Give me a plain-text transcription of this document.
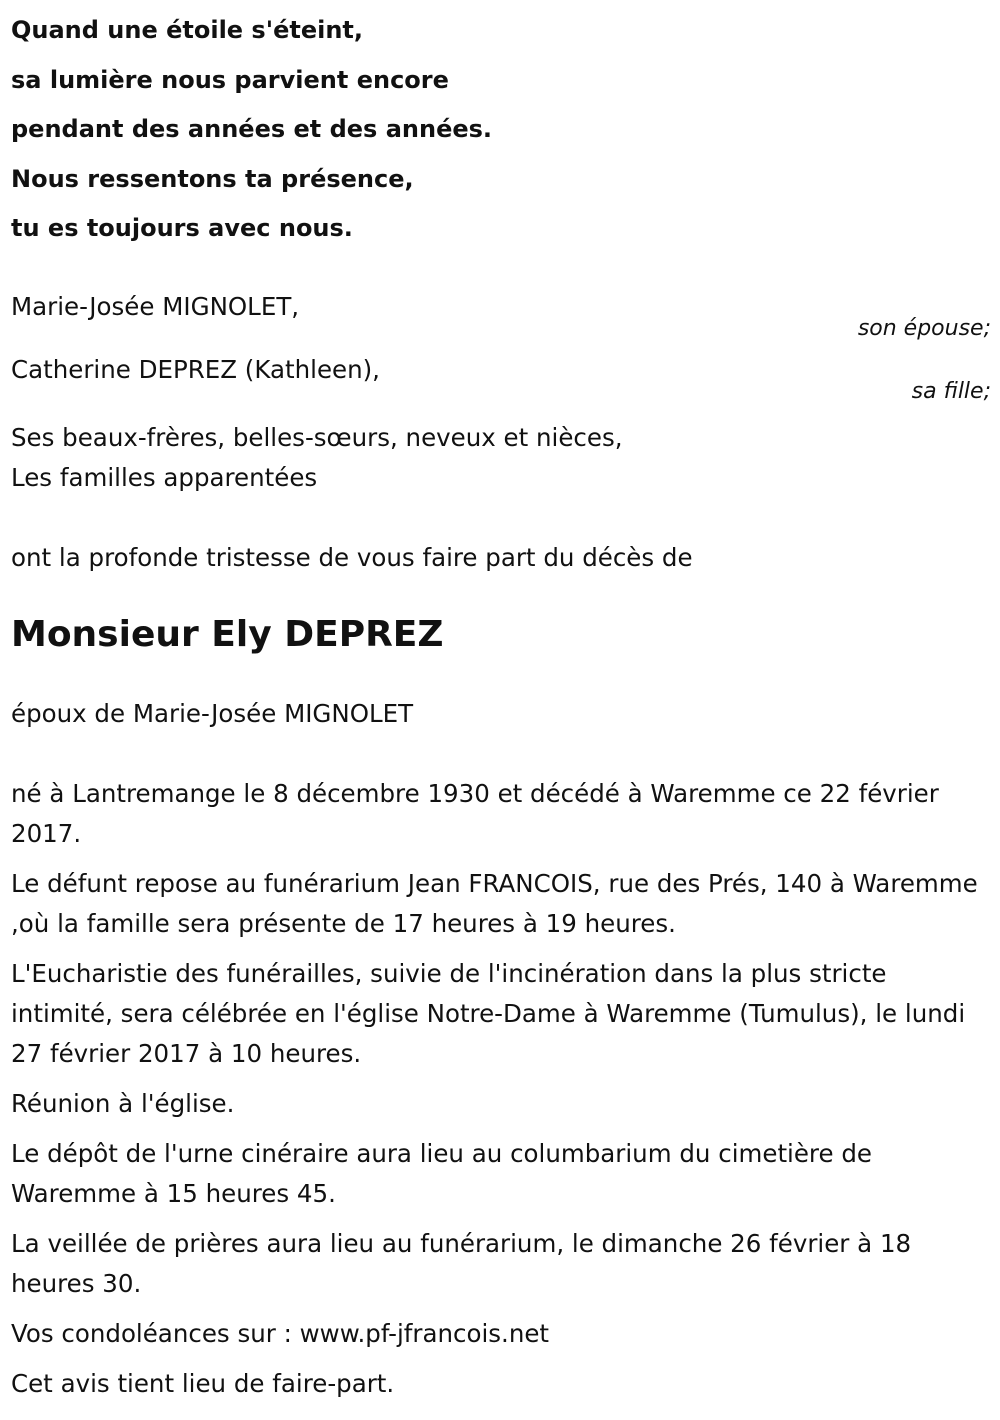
Quand une étoile s'éteint,
sa lumière nous parvient encore
pendant des années et des années.
Nous ressentons ta présence,
tu es toujours avec nous.
Marie-Josée MIGNOLET,
son épouse;
Catherine DEPREZ (Kathleen),
sa fille;
Ses beaux-frères, belles-sœurs, neveux et nièces,
Les familles apparentées
ont la profonde tristesse de vous faire part du décès de
Monsieur Ely DEPREZ
époux de Marie-Josée MIGNOLET

né à Lantremange le 8 décembre 1930 et décédé à Waremme ce 22 février 2017.

Le défunt repose au funérarium Jean FRANCOIS, rue des Prés, 140 à Waremme ,où la famille sera présente de 17 heures à 19 heures.

L'Eucharistie des funérailles, suivie de l'incinération dans la plus stricte intimité, sera célébrée en l'église Notre-Dame à Waremme (Tumulus), le lundi 27 février 2017 à 10 heures.

Réunion à l'église.

Le dépôt de l'urne cinéraire aura lieu au columbarium du cimetière de Waremme à 15 heures 45.

La veillée de prières aura lieu au funérarium, le dimanche 26 février à 18 heures 30.

Vos condoléances sur : www.pf-jfrancois.net

Cet avis tient lieu de faire-part.
